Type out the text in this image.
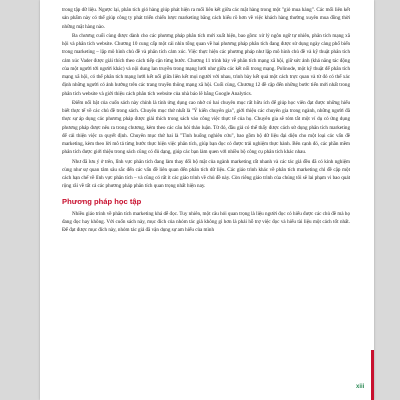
trong tập dữ liệu. Ngược lại, phân tích giỏ hàng giúp phát hiện ra mối liên kết giữa các mặt hàng trong một "giỏ mua hàng". Các mối liên kết sản phẩm này có thể giúp công ty phát triển chiến lược marketing bằng cách hiểu rõ hơn về việc khách hàng thường xuyên mua đồng thời những mặt hàng nào.

Ba chương cuối cùng được dành cho các phương pháp phân tích mới xuất hiện, bao gồm: xử lý ngôn ngữ tự nhiên, phân tích mạng xã hội và phân tích website. Chương 10 cung cấp một cái nhìn tổng quan về hai phương pháp phân tích đang được sử dụng ngày càng phổ biến trong marketing – lập mô hình chủ đề và phân tích cảm xúc. Việc thực hiện các phương pháp như lập mô hình chủ đề và kỹ thuật phân tích cảm xúc Vader được giải thích theo cách tiếp cận từng bước. Chương 11 trình bày về phân tích mạng xã hội, giữ sức ảnh (khả năng tác động của một người tới người khác) và nội dung lan truyền trong mạng lưới như giữa các kết nối trong mạng. Polinode, một kỹ thuật để phân tích mạng xã hội, có thể phân tích mạng lưới kết nối giữa liên kết mọi người với nhau, trình bày kết quả một cách trực quan và từ đó có thể xác định những người có ảnh hưởng trên các trang truyền thông mạng xã hội. Cuối cùng, Chương 12 đề cập đến những bước tiến mới nhất trong phân tích website và giới thiệu cách phân tích website của nhà báo lẽ bằng Google Analytics.

Điểm nổi bật của cuốn sách này chính là tính ứng dụng cao nhờ có hai chuyên mục rất hữu ích để giúp học viên đạt được những hiểu biết thực tế về các chủ đề trong sách. Chuyên mục thứ nhất là "Ý kiến chuyên gia", giới thiệu các chuyên gia trong ngành, những người đã thực sự áp dụng các phương pháp được giải thích trong sách vào công việc thực tế của họ. Chuyên gia sẽ tóm tắt một ví dụ có ứng dụng phương pháp được nêu ra trong chương, kèm theo các câu hỏi thảo luận. Từ đó, đầu giả có thể thấy được cách sử dụng phân tích marketing để cải thiện việc ra quyết định. Chuyên mục thứ hai là "Tình huống nghiên cứu", bao gồm bộ dữ liệu đại diện cho một loại các vấn đề marketing, kèm theo lời mô tả từng bước thực hiện việc phân tích, giúp bạn đọc có được trải nghiệm thực hành. Bên cạnh đó, các phần mềm phân tích được giới thiệu trong sách cũng có đủ dạng, giúp các bạn làm quen với nhiều bộ công cụ phân tích khác nhau.

Như đã lưu ý ở trên, lĩnh vực phân tích đang làm thay đổi bộ mặt của ngành marketing rất nhanh và các tác giả đều đã có kinh nghiệm cùng như sự quan tâm sâu sắc đến các vấn đề liên quan đến phân tích dữ liệu. Các giáo trình khác về phân tích marketing chỉ đề cập một cách hạn chế về lĩnh vực phân tích – và cũng có rất ít các giáo trình về chủ đề này. Còn riêng giáo trình của chúng tôi sẽ lai phạm vi bao quát rộng rãi về tất cả các phương pháp phân tích quan trọng nhất hiện nay.

Phương pháp học tập

Nhiều giáo trình về phân tích marketing khá dễ đọc. Tuy nhiên, một câu hỏi quan trọng là liệu người đọc có hiểu được các chủ đề mà họ đang đọc hay không. Với cuốn sách này, mục đích của nhóm tác giả không gì hơn là phải hỗ trợ việc đọc và hiểu tài liệu một cách tốt nhất. Để đạt được mục đích này, nhóm tác giả đã vận dụng sự am hiểu của mình

xiii
